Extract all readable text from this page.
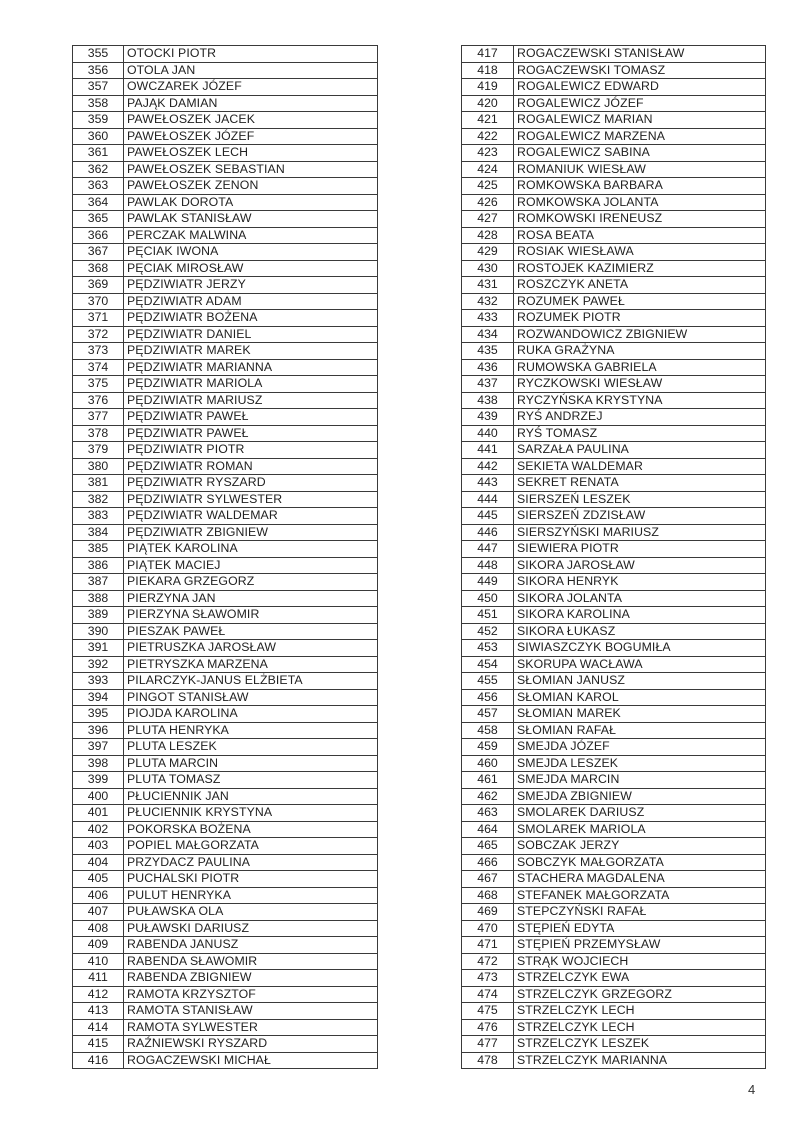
355	OTOCKI PIOTR
356	OTOLA JAN
357	OWCZAREK JÓZEF
358	PAJĄK DAMIAN
359	PAWEŁOSZEK JACEK
360	PAWEŁOSZEK JÓZEF
361	PAWEŁOSZEK LECH
362	PAWEŁOSZEK SEBASTIAN
363	PAWEŁOSZEK ZENON
364	PAWLAK DOROTA
365	PAWLAK STANISŁAW
366	PERCZAK MALWINA
367	PĘCIAK IWONA
368	PĘCIAK MIROSŁAW
369	PĘDZIWIATR JERZY
370	PĘDZIWIATR ADAM
371	PĘDZIWIATR BOŻENA
372	PĘDZIWIATR DANIEL
373	PĘDZIWIATR MAREK
374	PĘDZIWIATR MARIANNA
375	PĘDZIWIATR MARIOLA
376	PĘDZIWIATR MARIUSZ
377	PĘDZIWIATR PAWEŁ
378	PĘDZIWIATR PAWEŁ
379	PĘDZIWIATR PIOTR
380	PĘDZIWIATR ROMAN
381	PĘDZIWIATR RYSZARD
382	PĘDZIWIATR SYLWESTER
383	PĘDZIWIATR WALDEMAR
384	PĘDZIWIATR ZBIGNIEW
385	PIĄTEK KAROLINA
386	PIĄTEK MACIEJ
387	PIEKARA GRZEGORZ
388	PIERZYNA JAN
389	PIERZYNA SŁAWOMIR
390	PIESZAK PAWEŁ
391	PIETRUSZKA JAROSŁAW
392	PIETRYSZKA MARZENA
393	PILARCZYK-JANUS ELŻBIETA
394	PINGOT STANISŁAW
395	PIOJDA KAROLINA
396	PLUTA HENRYKA
397	PLUTA LESZEK
398	PLUTA MARCIN
399	PLUTA TOMASZ
400	PŁUCIENNIK JAN
401	PŁUCIENNIK KRYSTYNA
402	POKORSKA BOŻENA
403	POPIEL MAŁGORZATA
404	PRZYDACZ PAULINA
405	PUCHALSKI PIOTR
406	PULUT HENRYKA
407	PUŁAWSKA OLA
408	PUŁAWSKI DARIUSZ
409	RABENDA JANUSZ
410	RABENDA SŁAWOMIR
411	RABENDA ZBIGNIEW
412	RAMOTA KRZYSZTOF
413	RAMOTA STANISŁAW
414	RAMOTA SYLWESTER
415	RAŹNIEWSKI RYSZARD
416	ROGACZEWSKI MICHAŁ
417	ROGACZEWSKI STANISŁAW
418	ROGACZEWSKI TOMASZ
419	ROGALEWICZ EDWARD
420	ROGALEWICZ JÓZEF
421	ROGALEWICZ MARIAN
422	ROGALEWICZ MARZENA
423	ROGALEWICZ SABINA
424	ROMANIUK WIESŁAW
425	ROMKOWSKA BARBARA
426	ROMKOWSKA JOLANTA
427	ROMKOWSKI IRENEUSZ
428	ROSA BEATA
429	ROSIAK WIESŁAWA
430	ROSTOJEK KAZIMIERZ
431	ROSZCZYK ANETA
432	ROZUMEK PAWEŁ
433	ROZUMEK PIOTR
434	ROZWANDOWICZ ZBIGNIEW
435	RUKA GRAŻYNA
436	RUMOWSKA GABRIELA
437	RYCZKOWSKI WIESŁAW
438	RYCZYŃSKA KRYSTYNA
439	RYŚ ANDRZEJ
440	RYŚ TOMASZ
441	SARZAŁA PAULINA
442	SEKIETA WALDEMAR
443	SEKRET RENATA
444	SIERSZEŃ LESZEK
445	SIERSZEŃ ZDZISŁAW
446	SIERSZYŃSKI MARIUSZ
447	SIEWIERA PIOTR
448	SIKORA JAROSŁAW
449	SIKORA HENRYK
450	SIKORA JOLANTA
451	SIKORA KAROLINA
452	SIKORA ŁUKASZ
453	SIWIASZCZYK BOGUMIŁA
454	SKORUPA WACŁAWA
455	SŁOMIAN JANUSZ
456	SŁOMIAN KAROL
457	SŁOMIAN MAREK
458	SŁOMIAN RAFAŁ
459	SMEJDA JÓZEF
460	SMEJDA LESZEK
461	SMEJDA MARCIN
462	SMEJDA ZBIGNIEW
463	SMOLAREK DARIUSZ
464	SMOLAREK MARIOLA
465	SOBCZAK JERZY
466	SOBCZYK MAŁGORZATA
467	STACHERA MAGDALENA
468	STEFANEK MAŁGORZATA
469	STEPCZYŃSKI RAFAŁ
470	STĘPIEŃ EDYTA
471	STĘPIEŃ PRZEMYSŁAW
472	STRĄK WOJCIECH
473	STRZELCZYK EWA
474	STRZELCZYK GRZEGORZ
475	STRZELCZYK LECH
476	STRZELCZYK LECH
477	STRZELCZYK LESZEK
478	STRZELCZYK MARIANNA
4
